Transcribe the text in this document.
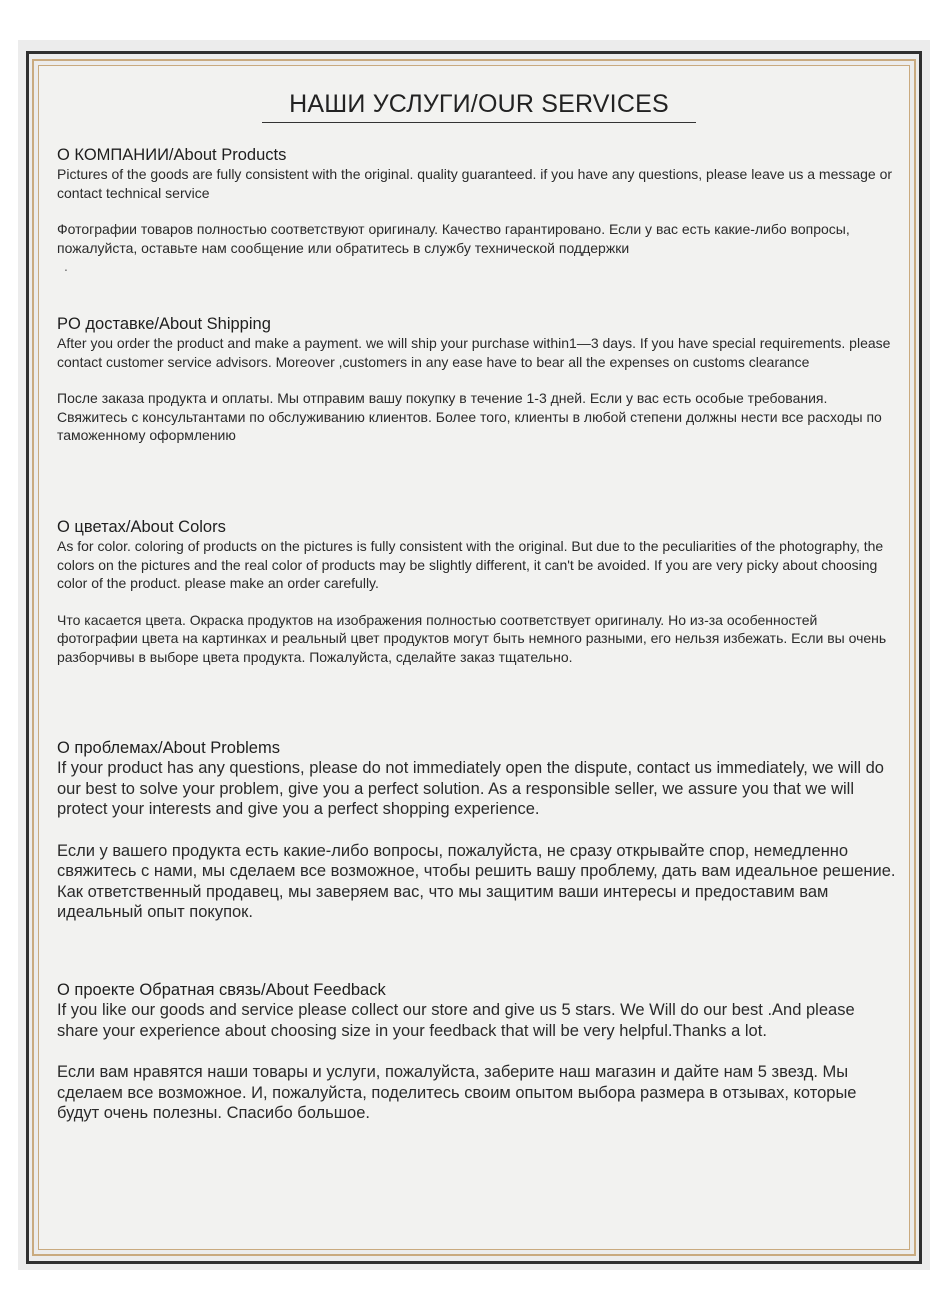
НАШИ УСЛУГИ/OUR SERVICES
О КОМПАНИИ/About Products

Pictures of the goods are fully consistent with the original. quality guaranteed. if you have any questions, please leave us a message or contact technical service

Фотографии товаров полностью соответствуют оригиналу. Качество гарантировано. Если у вас есть какие-либо вопросы, пожалуйста, оставьте нам сообщение или обратитесь в службу технической поддержки

.

PO доставке/About Shipping

After you order the product and make a payment. we will ship your purchase within1—3 days. If you have special requirements. please contact customer service advisors. Moreover ,customers in any ease have to bear all the expenses on customs clearance

После заказа продукта и оплаты. Мы отправим вашу покупку в течение 1-3 дней. Если у вас есть особые требования. Свяжитесь с консультантами по обслуживанию клиентов. Более того, клиенты в любой степени должны нести все расходы по таможенному оформлению

О цветах/About Colors

As for color. coloring of products on the pictures is fully consistent with the original. But due to the peculiarities of the photography, the colors on the pictures and the real color of products may be slightly different, it can't be avoided. If you are very picky about choosing color of the product. please make an order carefully.

Что касается цвета. Окраска продуктов на изображения полностью соответствует оригиналу. Но из-за особенностей фотографии цвета на картинках и реальный цвет продуктов могут быть немного разными, его нельзя избежать. Если вы очень разборчивы в выборе цвета продукта. Пожалуйста, сделайте заказ тщательно.

О проблемах/About Problems

If your product has any questions, please do not immediately open the dispute, contact us immediately, we will do our best to solve your problem, give you a perfect solution. As a responsible seller, we assure you that we will protect your interests and give you a perfect shopping experience.

Если у вашего продукта есть какие-либо вопросы, пожалуйста, не сразу открывайте спор, немедленно свяжитесь с нами, мы сделаем все возможное, чтобы решить вашу проблему, дать вам идеальное решение. Как ответственный продавец, мы заверяем вас, что мы защитим ваши интересы и предоставим вам идеальный опыт покупок.

О проекте Обратная связь/About Feedback

If you like our goods and service please collect our store and give us 5 stars. We Will do our best .And please share your experience about choosing size in your feedback that will be very helpful.Thanks a lot.

Если вам нравятся наши товары и услуги, пожалуйста, заберите наш магазин и дайте нам 5 звезд. Мы сделаем все возможное. И, пожалуйста, поделитесь своим опытом выбора размера в отзывах, которые будут очень полезны. Спасибо большое.
